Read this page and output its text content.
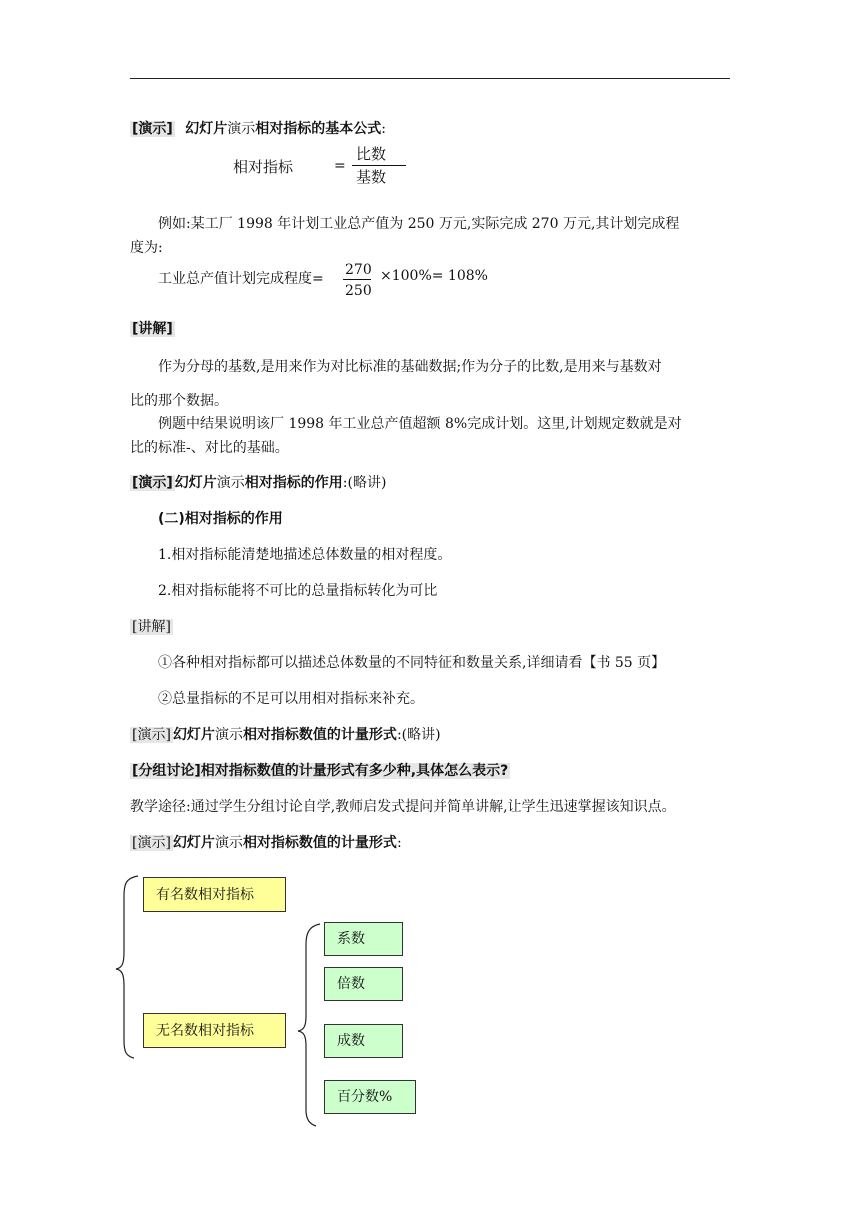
[演示] 幻灯片演示相对指标的基本公式:
相对指标	=
比数
基数
例如:某工厂 1998 年计划工业总产值为 250 万元,实际完成 270 万元,其计划完成程
度为:
工业总产值计划完成程度=
270
250
×100%= 108%
[讲解]
作为分母的基数,是用来作为对比标准的基础数据;作为分子的比数,是用来与基数对
比的那个数据。
例题中结果说明该厂 1998 年工业总产值超额 8%完成计划。这里,计划规定数就是对
比的标准-、对比的基础。
[演示] 幻灯片演示相对指标的作用:(略讲)
(二)相对指标的作用
1.相对指标能清楚地描述总体数量的相对程度。
2.相对指标能将不可比的总量指标转化为可比
[讲解]
①各种相对指标都可以描述总体数量的不同特征和数量关系,详细请看【书 55 页】
②总量指标的不足可以用相对指标来补充。
[演示] 幻灯片演示相对指标数值的计量形式:(略讲)
[分组讨论]相对指标数值的计量形式有多少种,具体怎么表示?
教学途径:通过学生分组讨论自学,教师启发式提问并简单讲解,让学生迅速掌握该知识点。
[演示] 幻灯片演示相对指标数值的计量形式:
有名数相对指标
无名数相对指标
系数
倍数
成数
百分数%
